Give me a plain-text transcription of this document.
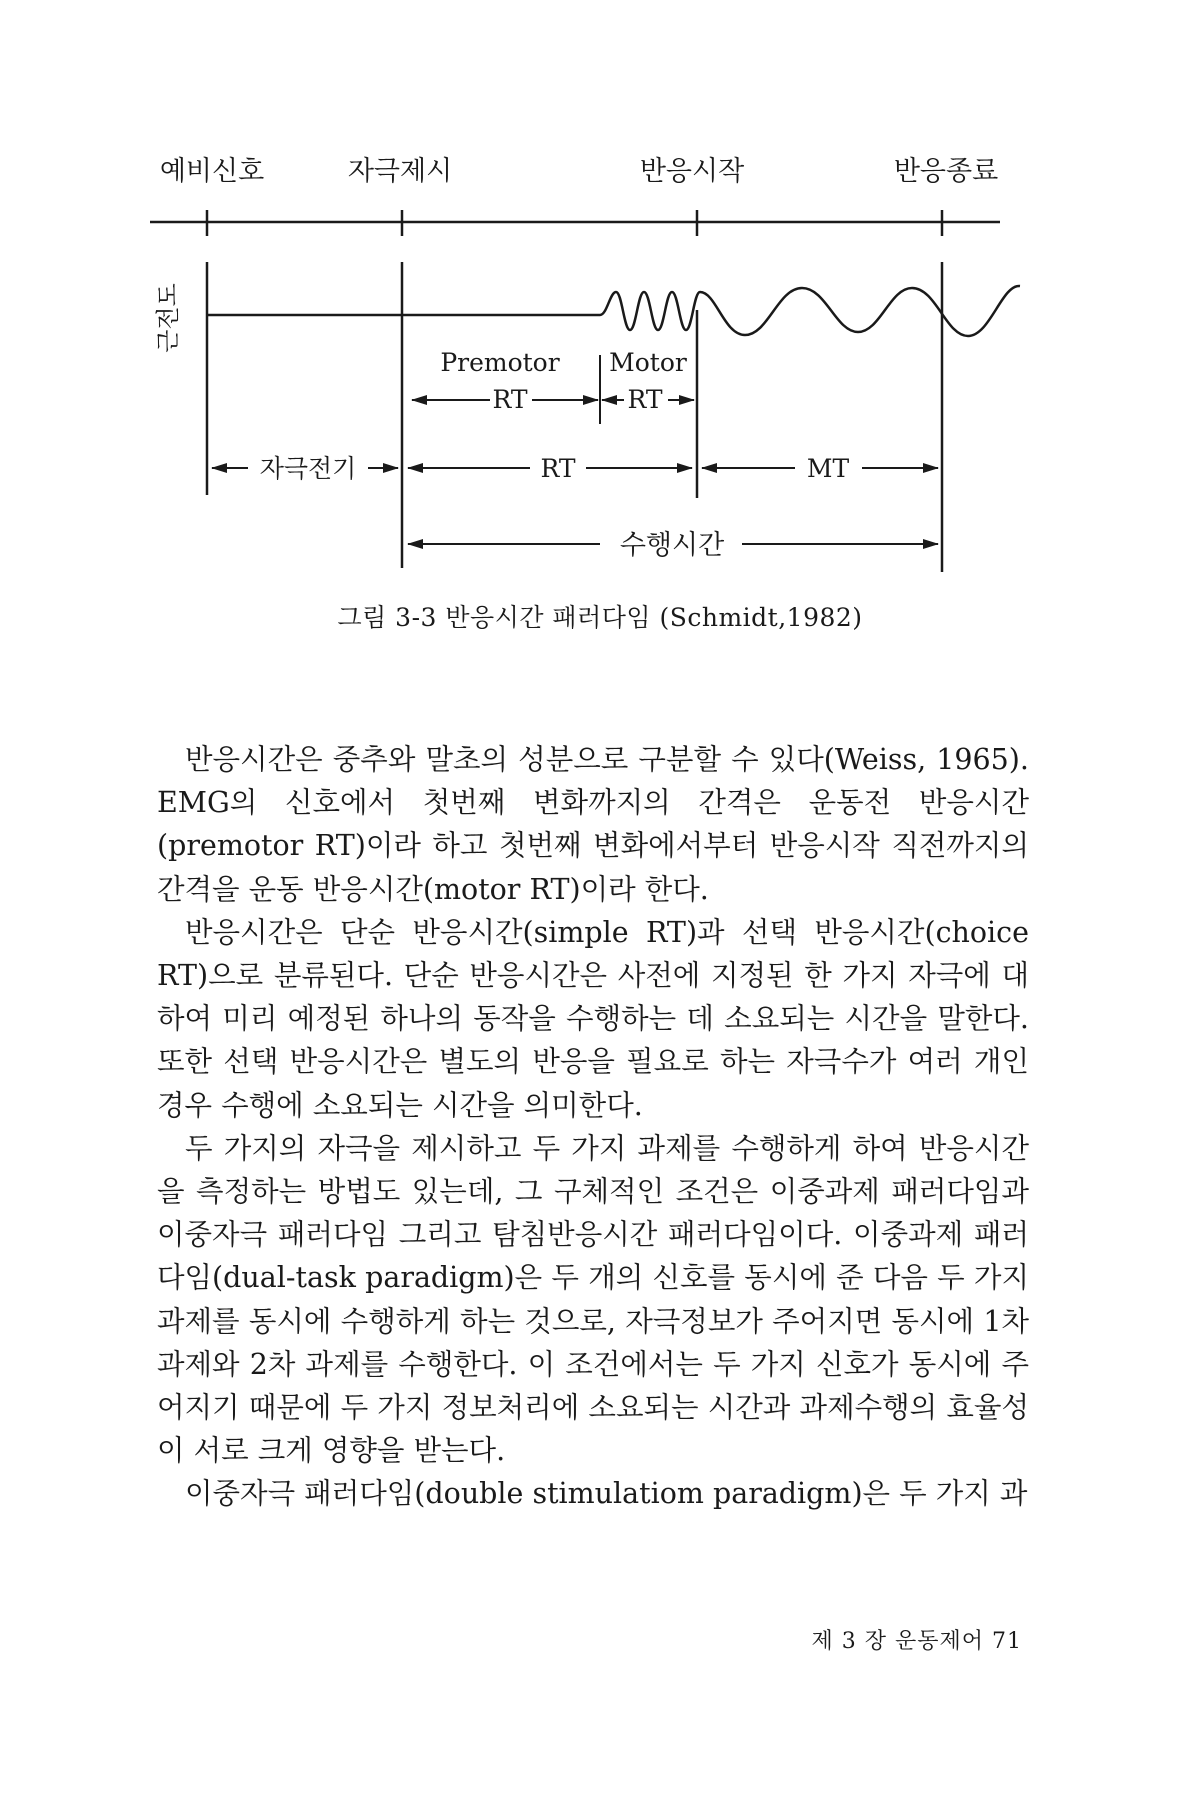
예비신호	자극제시	반응시작	반응종료
근전도
Premotor Motor
RT	RT
자극전기	RT	MT
수행시간
그림 3-3 반응시간 패러다임 (Schmidt,1982)

반응시간은 중추와 말초의 성분으로 구분할 수 있다(Weiss, 1965). EMG의 신호에서 첫번째 변화까지의 간격은 운동전 반응시간(premotor RT)이라 하고 첫번째 변화에서부터 반응시작 직전까지의 간격을 운동 반응시간(motor RT)이라 한다.

반응시간은 단순 반응시간(simple RT)과 선택 반응시간(choice RT)으로 분류된다. 단순 반응시간은 사전에 지정된 한 가지 자극에 대하여 미리 예정된 하나의 동작을 수행하는 데 소요되는 시간을 말한다. 또한 선택 반응시간은 별도의 반응을 필요로 하는 자극수가 여러 개인 경우 수행에 소요되는 시간을 의미한다.

두 가지의 자극을 제시하고 두 가지 과제를 수행하게 하여 반응시간을 측정하는 방법도 있는데, 그 구체적인 조건은 이중과제 패러다임과 이중자극 패러다임 그리고 탐침반응시간 패러다임이다. 이중과제 패러다임(dual-task paradigm)은 두 개의 신호를 동시에 준 다음 두 가지 과제를 동시에 수행하게 하는 것으로, 자극정보가 주어지면 동시에 1차 과제와 2차 과제를 수행한다. 이 조건에서는 두 가지 신호가 동시에 주어지기 때문에 두 가지 정보처리에 소요되는 시간과 과제수행의 효율성이 서로 크게 영향을 받는다.

이중자극 패러다임(double stimulatiom paradigm)은 두 가지 과

제 3 장 운동제어 71
